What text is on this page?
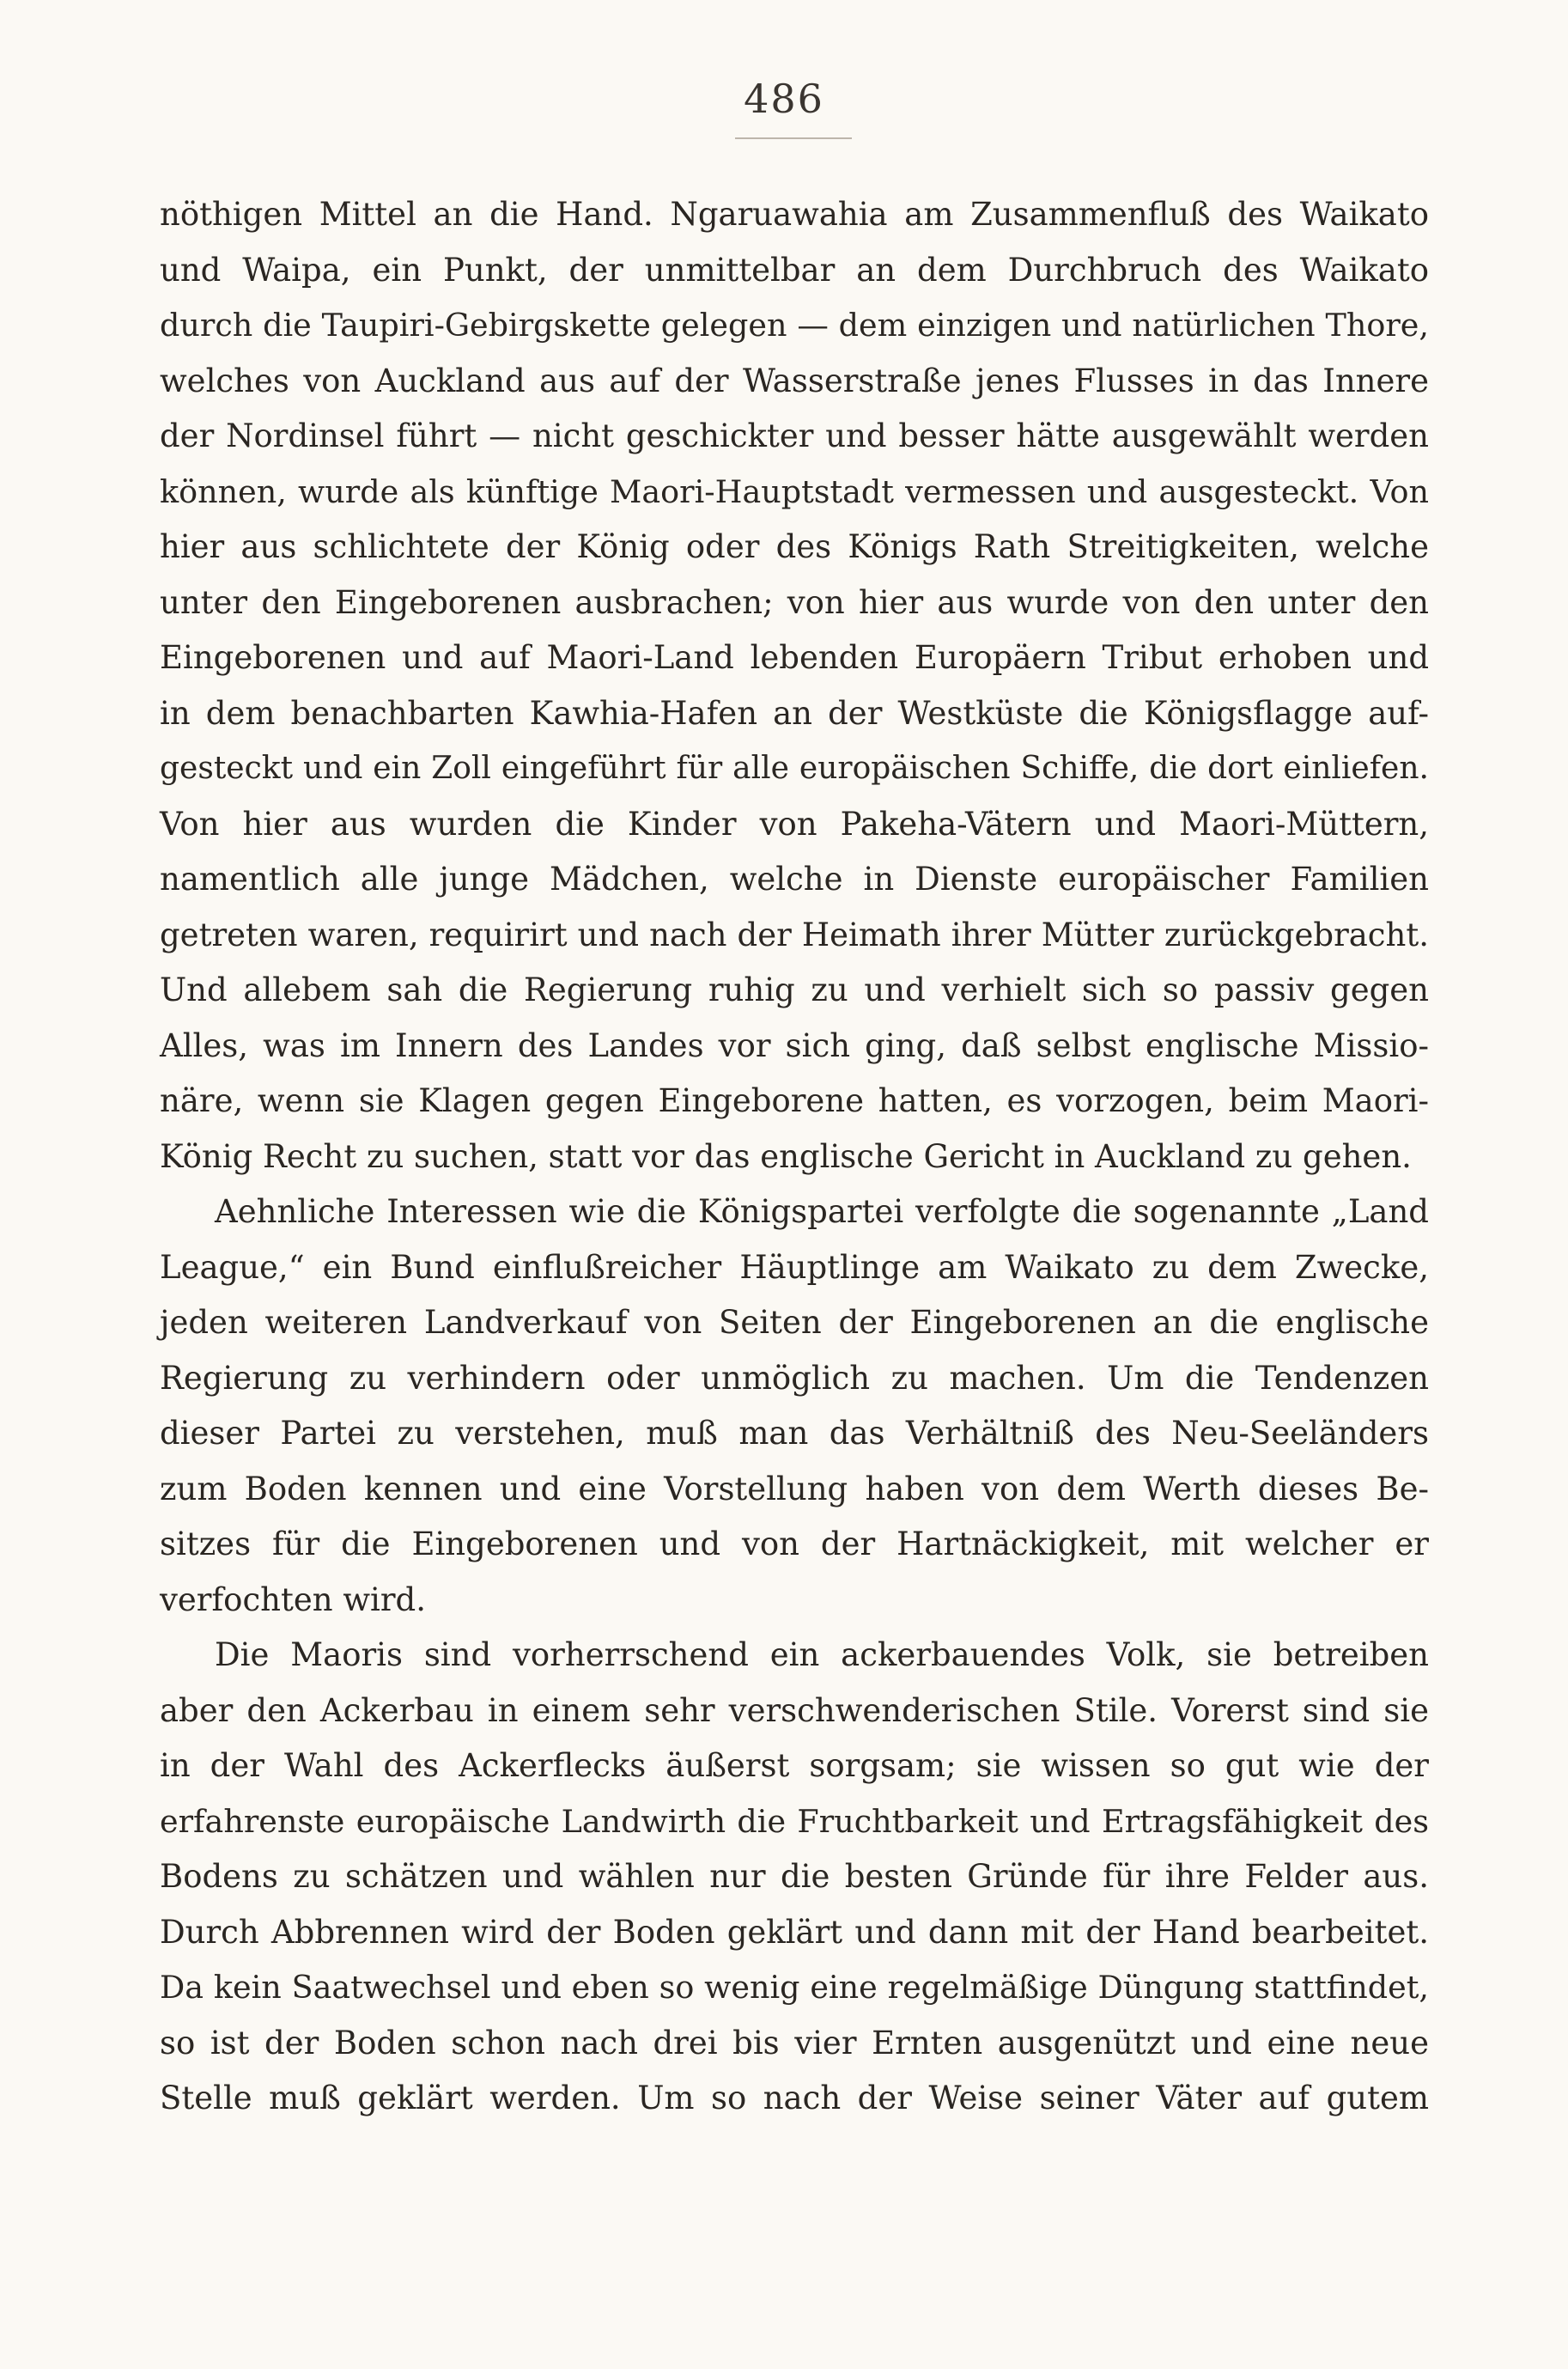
486
nöthigen Mittel an die Hand. Ngaruawahia am Zusammenfluß des Waikato
und Waipa, ein Punkt, der unmittelbar an dem Durchbruch des Waikato
durch die Taupiri-Gebirgskette gelegen — dem einzigen und natürlichen Thore,
welches von Auckland aus auf der Wasserstraße jenes Flusses in das Innere
der Nordinsel führt — nicht geschickter und besser hätte ausgewählt werden
können, wurde als künftige Maori-Hauptstadt vermessen und ausgesteckt. Von
hier aus schlichtete der König oder des Königs Rath Streitigkeiten, welche
unter den Eingeborenen ausbrachen; von hier aus wurde von den unter den
Eingeborenen und auf Maori-Land lebenden Europäern Tribut erhoben und
in dem benachbarten Kawhia-Hafen an der Westküste die Königsflagge auf-
gesteckt und ein Zoll eingeführt für alle europäischen Schiffe, die dort einliefen.
Von hier aus wurden die Kinder von Pakeha-Vätern und Maori-Müttern,
namentlich alle junge Mädchen, welche in Dienste europäischer Familien
getreten waren, requirirt und nach der Heimath ihrer Mütter zurückgebracht.
Und allebem sah die Regierung ruhig zu und verhielt sich so passiv gegen
Alles, was im Innern des Landes vor sich ging, daß selbst englische Missio-
näre, wenn sie Klagen gegen Eingeborene hatten, es vorzogen, beim Maori-
König Recht zu suchen, statt vor das englische Gericht in Auckland zu gehen.
Aehnliche Interessen wie die Königspartei verfolgte die sogenannte „Land
League,“ ein Bund einflußreicher Häuptlinge am Waikato zu dem Zwecke,
jeden weiteren Landverkauf von Seiten der Eingeborenen an die englische
Regierung zu verhindern oder unmöglich zu machen. Um die Tendenzen
dieser Partei zu verstehen, muß man das Verhältniß des Neu-Seeländers
zum Boden kennen und eine Vorstellung haben von dem Werth dieses Be-
sitzes für die Eingeborenen und von der Hartnäckigkeit, mit welcher er
verfochten wird.
Die Maoris sind vorherrschend ein ackerbauendes Volk, sie betreiben
aber den Ackerbau in einem sehr verschwenderischen Stile. Vorerst sind sie
in der Wahl des Ackerflecks äußerst sorgsam; sie wissen so gut wie der
erfahrenste europäische Landwirth die Fruchtbarkeit und Ertragsfähigkeit des
Bodens zu schätzen und wählen nur die besten Gründe für ihre Felder aus.
Durch Abbrennen wird der Boden geklärt und dann mit der Hand bearbeitet.
Da kein Saatwechsel und eben so wenig eine regelmäßige Düngung stattfindet,
so ist der Boden schon nach drei bis vier Ernten ausgenützt und eine neue
Stelle muß geklärt werden. Um so nach der Weise seiner Väter auf gutem
